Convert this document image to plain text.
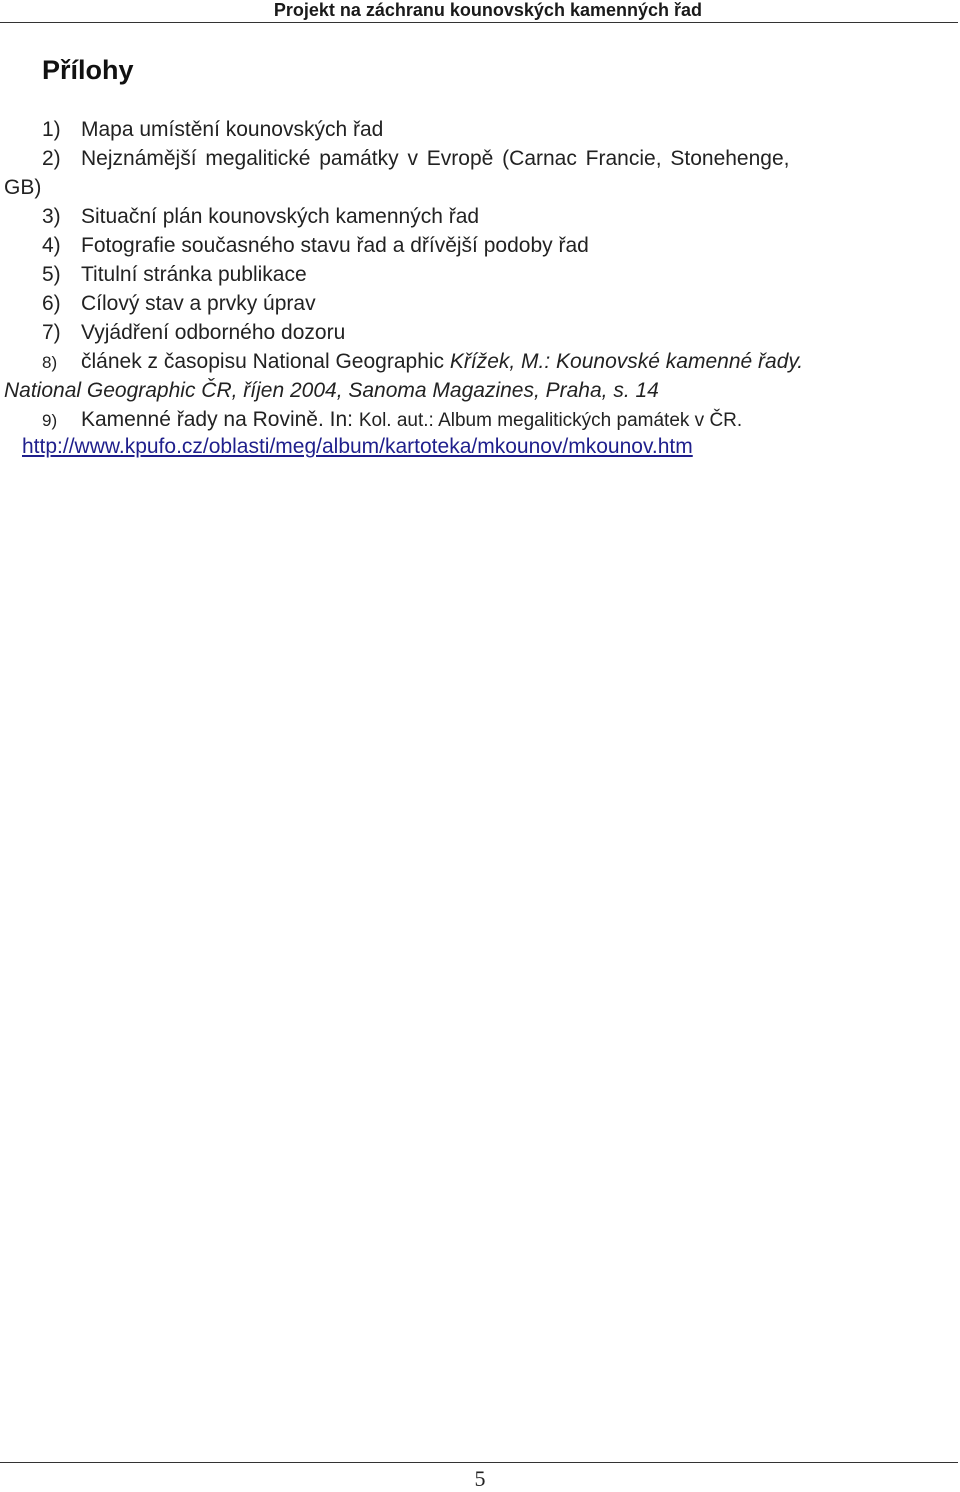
Projekt na záchranu kounovských kamenných řad
Přílohy
1) Mapa umístění kounovských řad
2) Nejznámější megalitické památky v Evropě (Carnac Francie, Stonehenge,
GB)
3) Situační plán kounovských kamenných řad
4) Fotografie současného stavu řad a dřívější podoby řad
5) Titulní stránka publikace
6) Cílový stav a prvky úprav
7) Vyjádření odborného dozoru
8) článek z časopisu National Geographic Křížek, M.: Kounovské kamenné řady.
National Geographic ČR, říjen 2004, Sanoma Magazines, Praha, s. 14
9) Kamenné řady na Rovině. In: Kol. aut.: Album megalitických památek v ČR.
http://www.kpufo.cz/oblasti/meg/album/kartoteka/mkounov/mkounov.htm
5
